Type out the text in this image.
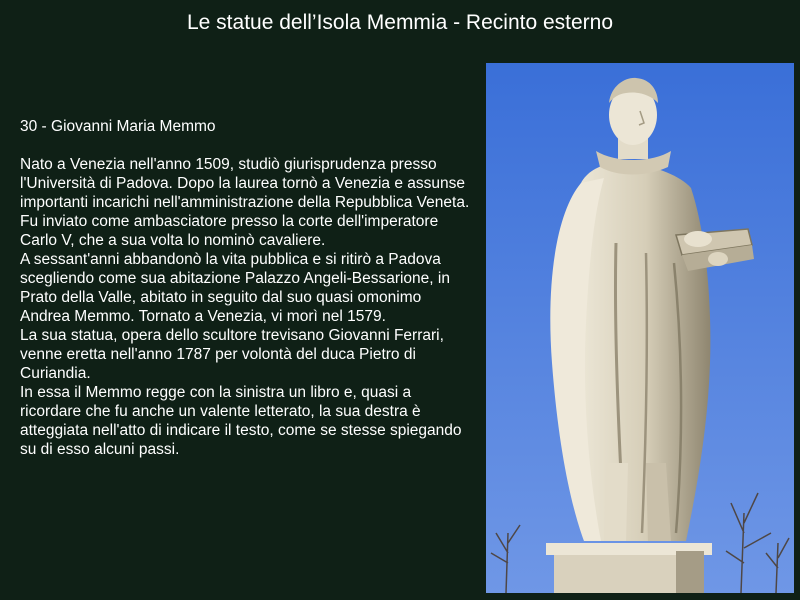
Le statue dell’Isola Memmia - Recinto esterno
30 - Giovanni Maria Memmo

Nato a Venezia nell'anno 1509, studiò giurisprudenza presso l'Università di Padova. Dopo la laurea tornò a Venezia e assunse importanti incarichi nell'amministrazione della Repubblica Veneta.

Fu inviato come ambasciatore presso la corte dell'imperatore Carlo V, che a sua volta lo nominò cavaliere.

A sessant'anni abbandonò la vita pubblica e si ritirò a Padova scegliendo come sua abitazione Palazzo Angeli-Bessarione, in Prato della Valle, abitato in seguito dal suo quasi omonimo Andrea Memmo. Tornato a Venezia, vi morì nel 1579.

La sua statua, opera dello scultore trevisano Giovanni Ferrari, venne eretta nell'anno 1787 per volontà del duca Pietro di Curiandia.

In essa il Memmo regge con la sinistra un libro e, quasi a ricordare che fu anche un valente letterato, la sua destra è atteggiata nell'atto di indicare il testo, come se stesse spiegando su di esso alcuni passi.
